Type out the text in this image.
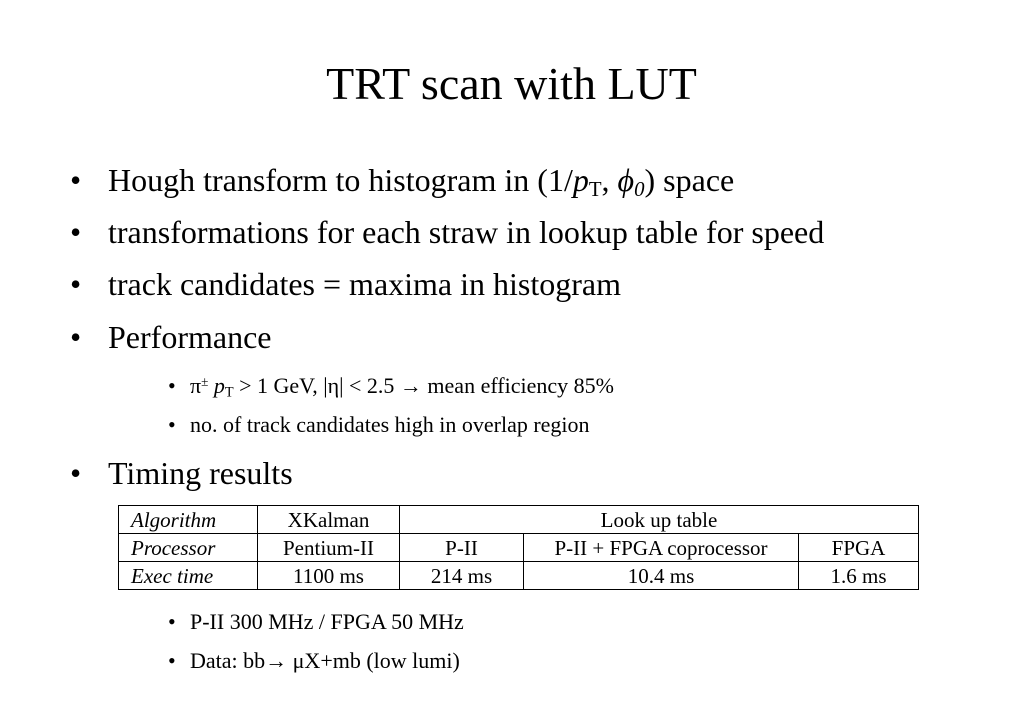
TRT scan with LUT
• Hough transform to histogram in ($1/p_T$, $\phi_0$) space
• transformations for each straw in lookup table for speed
• track candidates = maxima in histogram
• Performance
• π± $p_T > 1$ GeV, |η| < 2.5 → mean efficiency 85%
• no. of track candidates high in overlap region
• Timing results
Algorithm	XKalman	Look up table		
Processor	Pentium-II	P-II	P-II + FPGA coprocessor	FPGA
Exec time	1100 ms	214 ms	10.4 ms	1.6 ms
• P-II 300 MHz / FPGA 50 MHz
• Data: bb→ μX+mb (low lumi)
